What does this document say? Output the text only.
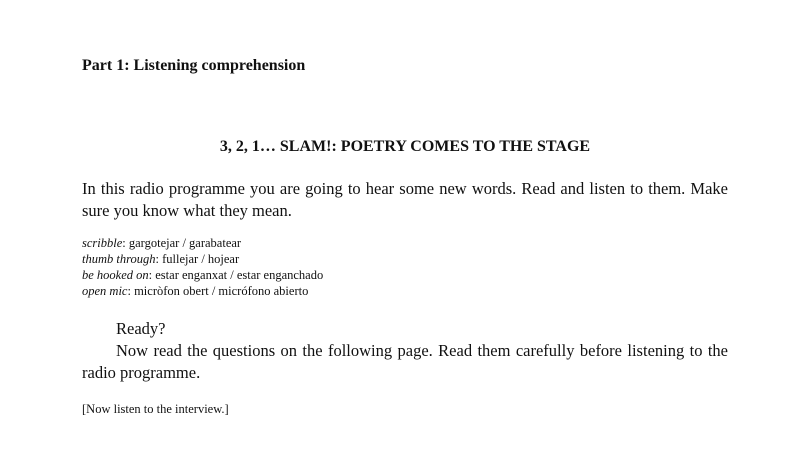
Part 1: Listening comprehension
3, 2, 1… SLAM!: POETRY COMES TO THE STAGE
In this radio programme you are going to hear some new words. Read and listen to them. Make sure you know what they mean.
scribble: gargotejar / garabatear
thumb through: fullejar / hojear
be hooked on: estar enganxat / estar enganchado
open mic: micròfon obert / micrófono abierto
Ready?
Now read the questions on the following page. Read them carefully before listening to the radio programme.
[Now listen to the interview.]
